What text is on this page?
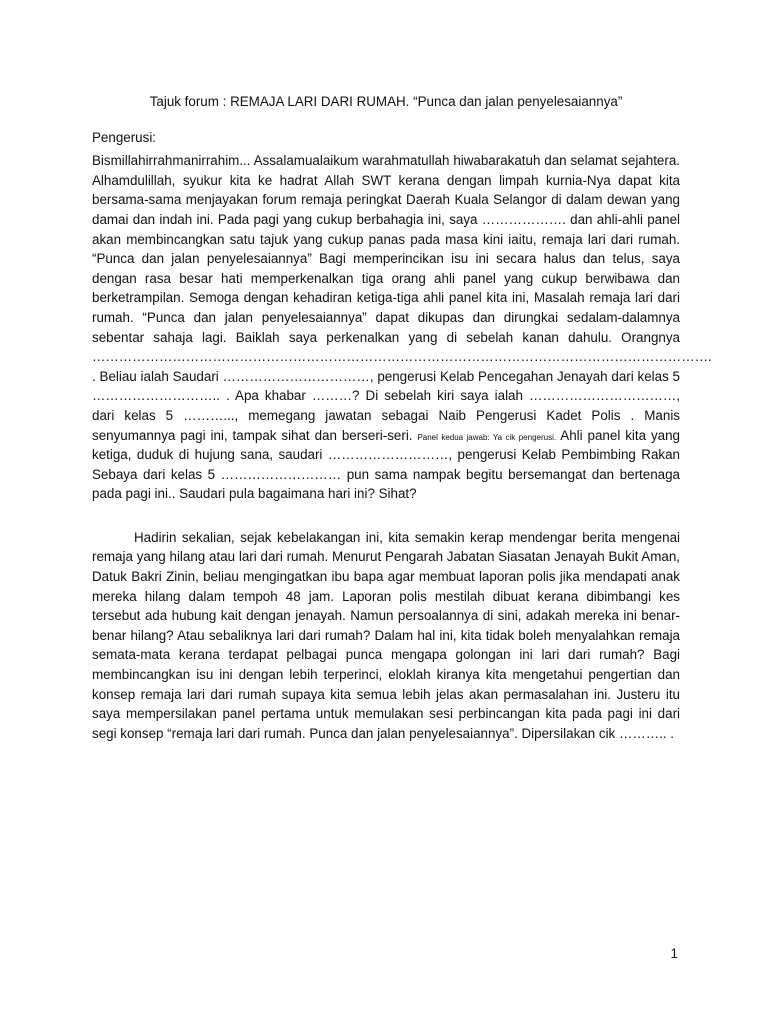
Tajuk forum : REMAJA LARI DARI RUMAH. “Punca dan jalan penyelesaiannya”

Pengerusi:

Bismillahirrahmanirrahim... Assalamualaikum warahmatullah hiwabarakatuh dan selamat sejahtera. Alhamdulillah, syukur kita ke hadrat Allah SWT kerana dengan limpah kurnia-Nya dapat kita bersama-sama menjayakan forum remaja peringkat Daerah Kuala Selangor di dalam dewan yang damai dan indah ini. Pada pagi yang cukup berbahagia ini, saya ………………. dan ahli-ahli panel akan membincangkan satu tajuk yang cukup panas pada masa kini iaitu, remaja lari dari rumah. “Punca dan jalan penyelesaiannya” Bagi memperincikan isu ini secara halus dan telus, saya dengan rasa besar hati memperkenalkan tiga orang ahli panel yang cukup berwibawa dan berketrampilan. Semoga dengan kehadiran ketiga-tiga ahli panel kita ini, Masalah remaja lari dari rumah. “Punca dan jalan penyelesaiannya” dapat dikupas dan dirungkai sedalam-dalamnya sebentar sahaja lagi. Baiklah saya perkenalkan yang di sebelah kanan dahulu. Orangnya …………………………………………………………………………………………………………………………. . Beliau ialah Saudari ……………………………, pengerusi Kelab Pencegahan Jenayah dari kelas 5 ……………………….. . Apa khabar ………? Di sebelah kiri saya ialah ……………………………, dari kelas 5 ………..., memegang jawatan sebagai Naib Pengerusi Kadet Polis . Manis senyumannya pagi ini, tampak sihat dan berseri-seri. Panel kedua jawab: Ya cik pengerusi. Ahli panel kita yang ketiga, duduk di hujung sana, saudari ………………………, pengerusi Kelab Pembimbing Rakan Sebaya dari kelas 5 ……………………… pun sama nampak begitu bersemangat dan bertenaga pada pagi ini.. Saudari pula bagaimana hari ini? Sihat?

Hadirin sekalian, sejak kebelakangan ini, kita semakin kerap mendengar berita mengenai remaja yang hilang atau lari dari rumah. Menurut Pengarah Jabatan Siasatan Jenayah Bukit Aman, Datuk Bakri Zinin, beliau mengingatkan ibu bapa agar membuat laporan polis jika mendapati anak mereka hilang dalam tempoh 48 jam. Laporan polis mestilah dibuat kerana dibimbangi kes tersebut ada hubung kait dengan jenayah. Namun persoalannya di sini, adakah mereka ini benar-benar hilang? Atau sebaliknya lari dari rumah? Dalam hal ini, kita tidak boleh menyalahkan remaja semata-mata kerana terdapat pelbagai punca mengapa golongan ini lari dari rumah? Bagi membincangkan isu ini dengan lebih terperinci, eloklah kiranya kita mengetahui pengertian dan konsep remaja lari dari rumah supaya kita semua lebih jelas akan permasalahan ini. Justeru itu saya mempersilakan panel pertama untuk memulakan sesi perbincangan kita pada pagi ini dari segi konsep “remaja lari dari rumah. Punca dan jalan penyelesaiannya”. Dipersilakan cik ……….. .

1
